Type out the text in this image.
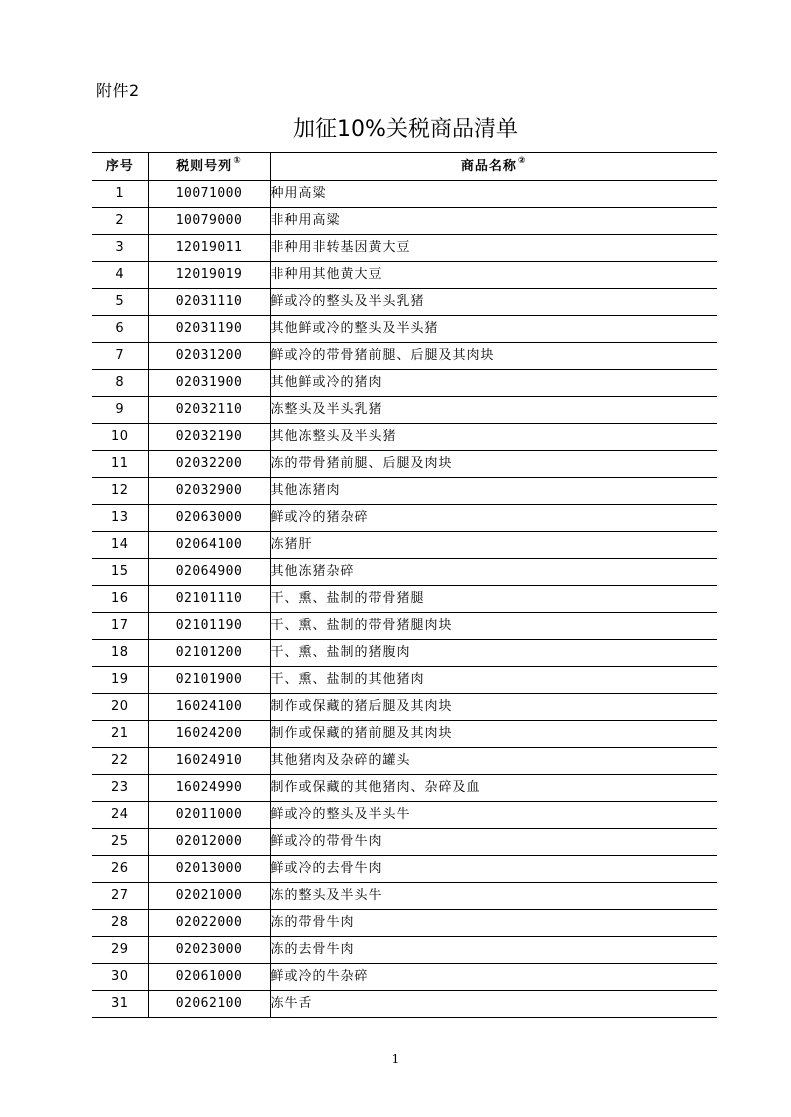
附件2
加征10%关税商品清单
序号	税则号列①	商品名称②
1	10071000	种用高粱
2	10079000	非种用高粱
3	12019011	非种用非转基因黄大豆
4	12019019	非种用其他黄大豆
5	02031110	鲜或冷的整头及半头乳猪
6	02031190	其他鲜或冷的整头及半头猪
7	02031200	鲜或冷的带骨猪前腿、后腿及其肉块
8	02031900	其他鲜或冷的猪肉
9	02032110	冻整头及半头乳猪
10	02032190	其他冻整头及半头猪
11	02032200	冻的带骨猪前腿、后腿及肉块
12	02032900	其他冻猪肉
13	02063000	鲜或冷的猪杂碎
14	02064100	冻猪肝
15	02064900	其他冻猪杂碎
16	02101110	干、熏、盐制的带骨猪腿
17	02101190	干、熏、盐制的带骨猪腿肉块
18	02101200	干、熏、盐制的猪腹肉
19	02101900	干、熏、盐制的其他猪肉
20	16024100	制作或保藏的猪后腿及其肉块
21	16024200	制作或保藏的猪前腿及其肉块
22	16024910	其他猪肉及杂碎的罐头
23	16024990	制作或保藏的其他猪肉、杂碎及血
24	02011000	鲜或冷的整头及半头牛
25	02012000	鲜或冷的带骨牛肉
26	02013000	鲜或冷的去骨牛肉
27	02021000	冻的整头及半头牛
28	02022000	冻的带骨牛肉
29	02023000	冻的去骨牛肉
30	02061000	鲜或冷的牛杂碎
31	02062100	冻牛舌
1
